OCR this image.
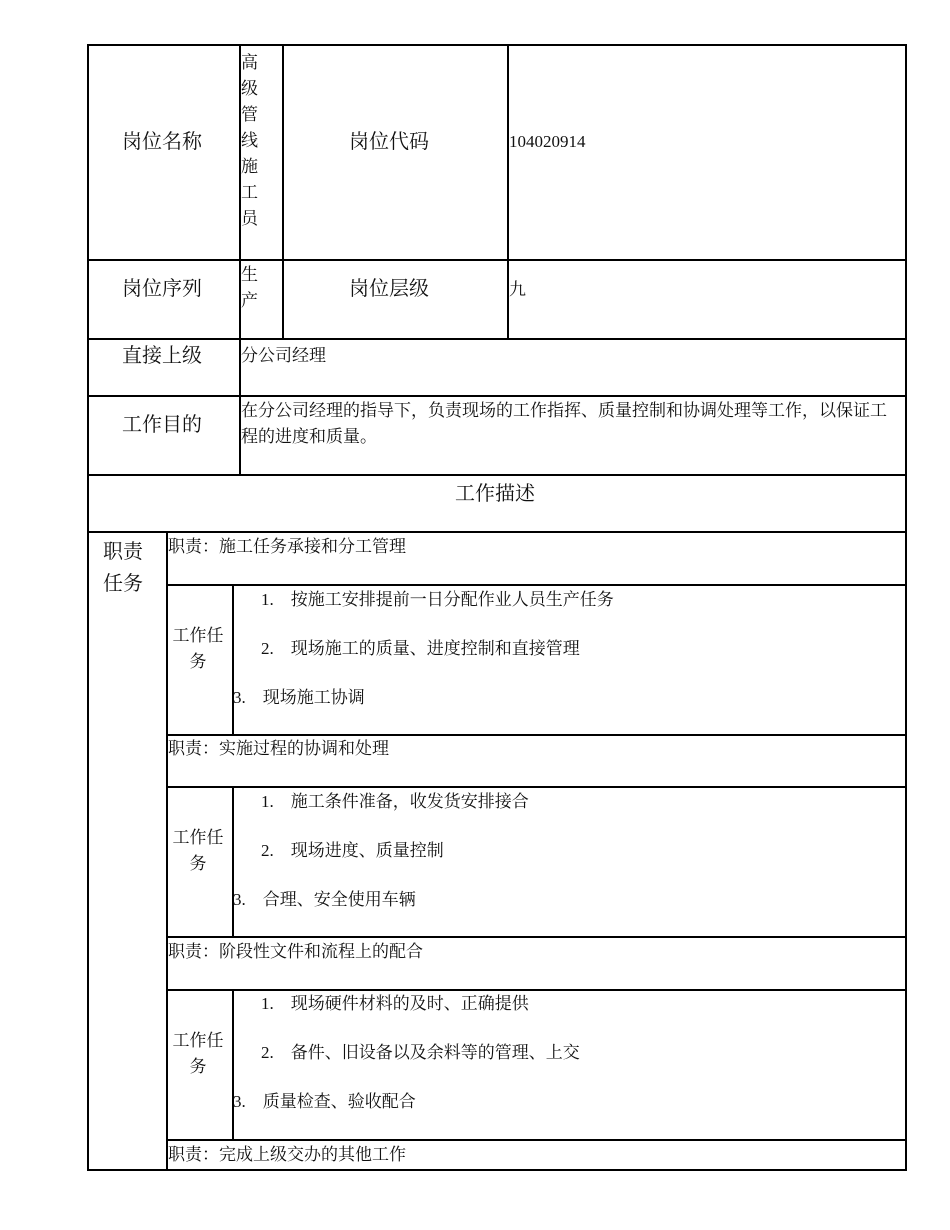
岗位名称
高级管线施工员
岗位代码	104020914
岗位序列
生产
岗位层级	九
直接上级 分公司经理
工作目的
在分公司经理的指导下，负责现场的工作指挥、质量控制和协调处理等工作，以保证工程的进度和质量。
工作描述
职责任务
职责：施工任务承接和分工管理
工作任务
1.　按施工安排提前一日分配作业人员生产任务
2.　现场施工的质量、进度控制和直接管理
3.　现场施工协调
职责：实施过程的协调和处理
工作任务
1.　施工条件准备，收发货安排接合
2.　现场进度、质量控制
3.　合理、安全使用车辆
职责：阶段性文件和流程上的配合
工作任务
1.　现场硬件材料的及时、正确提供
2.　备件、旧设备以及余料等的管理、上交
3.　质量检查、验收配合
职责：完成上级交办的其他工作
